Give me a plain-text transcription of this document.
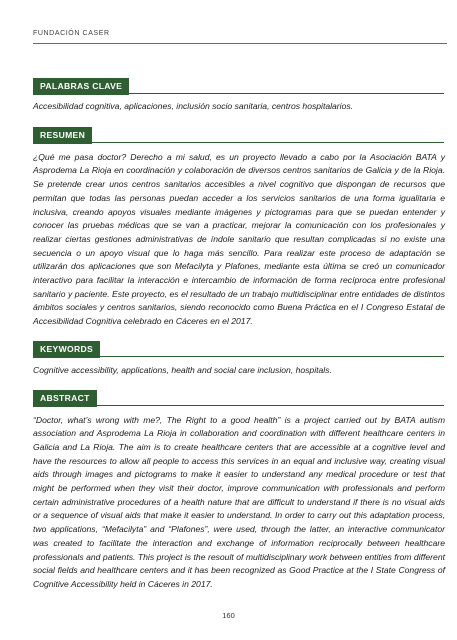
FUNDACIÓN CASER
PALABRAS CLAVE

Accesibilidad cognitiva, aplicaciones, inclusión socio sanitaria, centros hospitalarios.

RESUMEN

¿Qué me pasa doctor? Derecho a mi salud, es un proyecto llevado a cabo por la Asociación BATA y Asprodema La Rioja en coordinación y colaboración de diversos centros sanitarios de Galicia y de la Rioja. Se pretende crear unos centros sanitarios accesibles a nivel cognitivo que dispongan de recursos que permitan que todas las personas puedan acceder a los servicios sanitarios de una forma igualitaria e inclusiva, creando apoyos visuales mediante imágenes y pictogramas para que se puedan entender y conocer las pruebas médicas que se van a practicar, mejorar la comunicación con los profesionales y realizar ciertas gestiones administrativas de índole sanitario que resultan complicadas si no existe una secuencia o un apoyo visual que lo haga más sencillo. Para realizar este proceso de adaptación se utilizarán dos aplicaciones que son Mefacilyta y Plafones, mediante esta última se creó un comunicador interactivo para facilitar la interacción e intercambio de información de forma recíproca entre profesional sanitario y paciente. Este proyecto, es el resultado de un trabajo multidisciplinar entre entidades de distintos ámbitos sociales y centros sanitarios, siendo reconocido como Buena Práctica en el I Congreso Estatal de Accesibilidad Cognitiva celebrado en Cáceres en el 2017.

KEYWORDS

Cognitive accessibility, applications, health and social care inclusion, hospitals.

ABSTRACT

“Doctor, what’s wrong with me?, The Right to a good health” is a project carried out by BATA autism association and Asprodema La Rioja in collaboration and coordination with different healthcare centers in Galicia and La Rioja. The aim is to create healthcare centers that are accessible at a cognitive level and have the resources to allow all people to access this services in an equal and inclusive way, creating visual aids through images and pictograms to make it easier to understand any medical procedure or test that might be performed when they visit their doctor, improve communication with professionals and perform certain administrative procedures of a health nature that are difficult to understand if there is no visual aids or a sequence of visual aids that make it easier to understand. In order to carry out this adaptation process, two applications, “Mefacilyta” and “Plafones”, were used, through the latter, an interactive communicator was created to facilitate the interaction and exchange of information reciprocally between healthcare professionals and patients. This project is the resoult of multidisciplinary work between entities from different social fields and healthcare centers and it has been recognized as Good Practice at the I State Congress of Cognitive Accessibility held in Cáceres in 2017.

160
